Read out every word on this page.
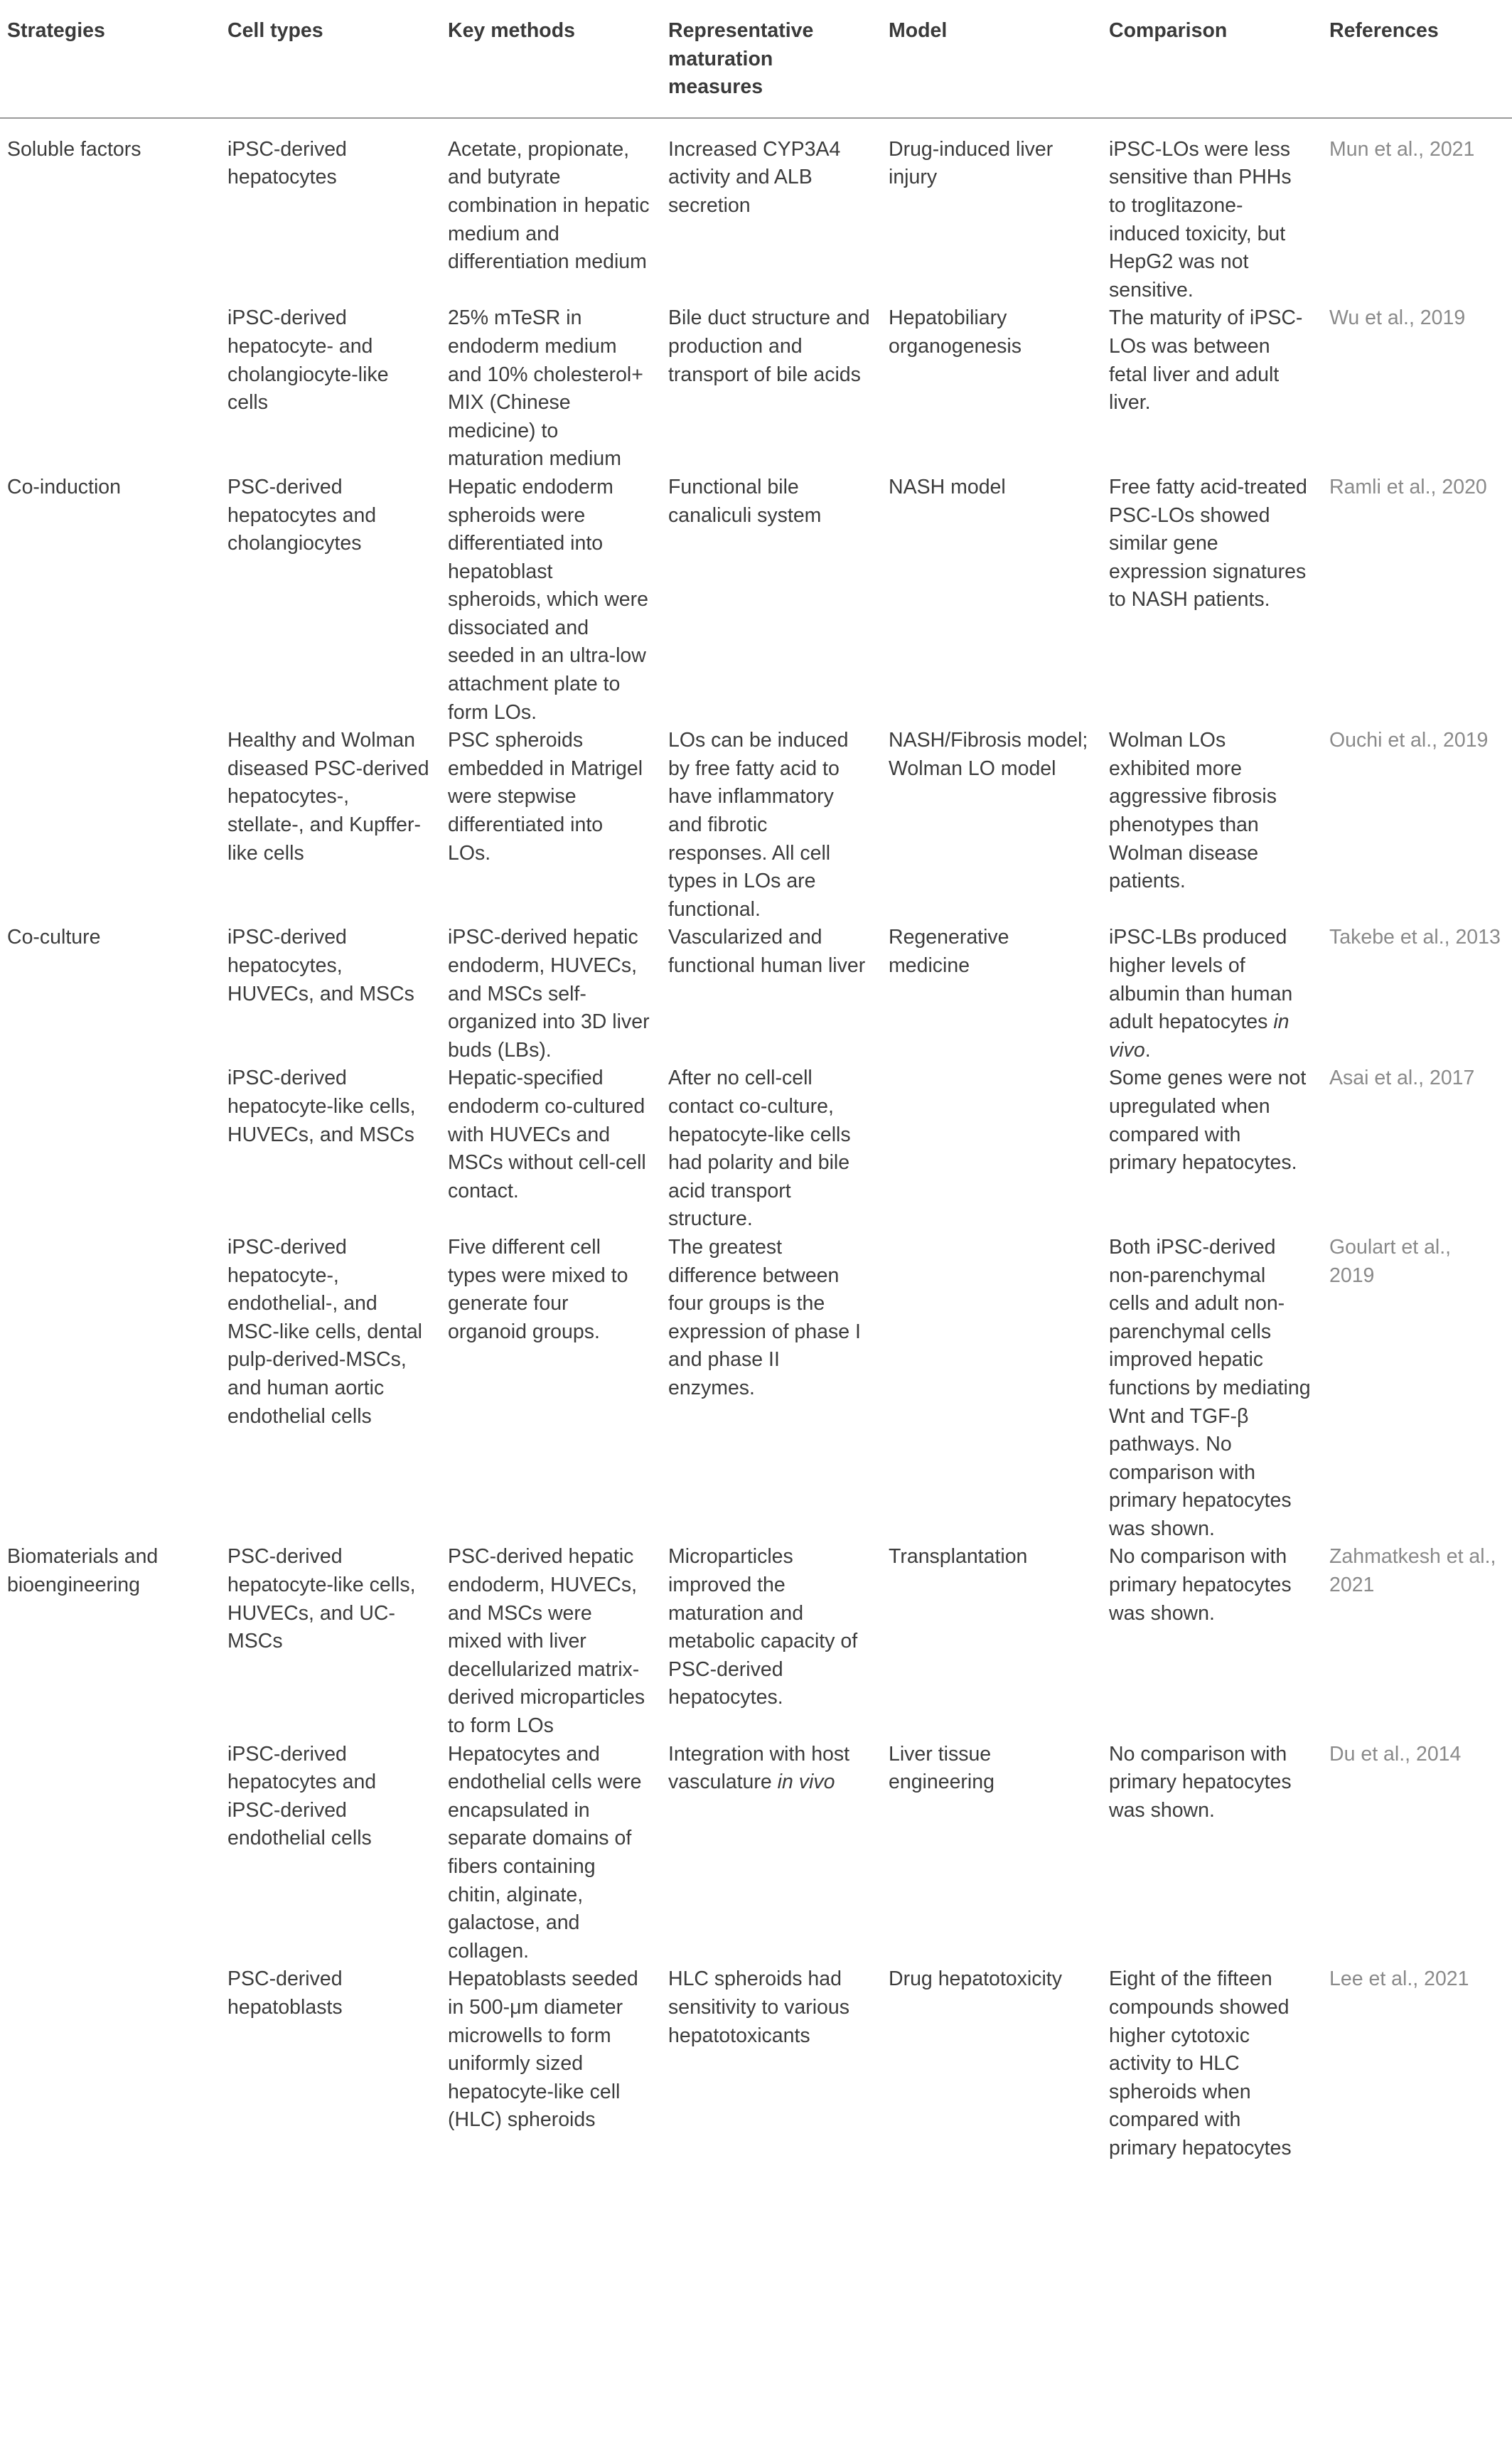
Strategies	Cell types	Key methods	Representative maturation measures	Model	Comparison	References

Soluble factors	iPSC-derived hepatocytes	Acetate, propionate, and butyrate combination in hepatic medium and differentiation medium	Increased CYP3A4 activity and ALB secretion	Drug-induced liver injury	iPSC-LOs were less sensitive than PHHs to troglitazone-induced toxicity, but HepG2 was not sensitive.	Mun et al., 2021
	iPSC-derived hepatocyte- and cholangiocyte-like cells	25% mTeSR in endoderm medium and 10% cholesterol+ MIX (Chinese medicine) to maturation medium	Bile duct structure and production and transport of bile acids	Hepatobiliary organogenesis	The maturity of iPSC-LOs was between fetal liver and adult liver.	Wu et al., 2019
Co-induction	PSC-derived hepatocytes and cholangiocytes	Hepatic endoderm spheroids were differentiated into hepatoblast spheroids, which were dissociated and seeded in an ultra-low attachment plate to form LOs.	Functional bile canaliculi system	NASH model	Free fatty acid-treated PSC-LOs showed similar gene expression signatures to NASH patients.	Ramli et al., 2020
	Healthy and Wolman diseased PSC-derived hepatocytes-, stellate-, and Kupffer-like cells	PSC spheroids embedded in Matrigel were stepwise differentiated into LOs.	LOs can be induced by free fatty acid to have inflammatory and fibrotic responses. All cell types in LOs are functional.	NASH/Fibrosis model; Wolman LO model	Wolman LOs exhibited more aggressive fibrosis phenotypes than Wolman disease patients.	Ouchi et al., 2019
Co-culture	iPSC-derived hepatocytes, HUVECs, and MSCs	iPSC-derived hepatic endoderm, HUVECs, and MSCs self-organized into 3D liver buds (LBs).	Vascularized and functional human liver	Regenerative medicine	iPSC-LBs produced higher levels of albumin than human adult hepatocytes in vivo.	Takebe et al., 2013
	iPSC-derived hepatocyte-like cells, HUVECs, and MSCs	Hepatic-specified endoderm co-cultured with HUVECs and MSCs without cell-cell contact.	After no cell-cell contact co-culture, hepatocyte-like cells had polarity and bile acid transport structure.		Some genes were not upregulated when compared with primary hepatocytes.	Asai et al., 2017
	iPSC-derived hepatocyte-, endothelial-, and MSC-like cells, dental pulp-derived-MSCs, and human aortic endothelial cells	Five different cell types were mixed to generate four organoid groups.	The greatest difference between four groups is the expression of phase I and phase II enzymes.		Both iPSC-derived non-parenchymal cells and adult non-parenchymal cells improved hepatic functions by mediating Wnt and TGF-β pathways. No comparison with primary hepatocytes was shown.	Goulart et al., 2019
Biomaterials and bioengineering	PSC-derived hepatocyte-like cells, HUVECs, and UC-MSCs	PSC-derived hepatic endoderm, HUVECs, and MSCs were mixed with liver decellularized matrix-derived microparticles to form LOs	Microparticles improved the maturation and metabolic capacity of PSC-derived hepatocytes.	Transplantation	No comparison with primary hepatocytes was shown.	Zahmatkesh et al., 2021
	iPSC-derived hepatocytes and iPSC-derived endothelial cells	Hepatocytes and endothelial cells were encapsulated in separate domains of fibers containing chitin, alginate, galactose, and collagen.	Integration with host vasculature in vivo	Liver tissue engineering	No comparison with primary hepatocytes was shown.	Du et al., 2014
	PSC-derived hepatoblasts	Hepatoblasts seeded in 500-μm diameter microwells to form uniformly sized hepatocyte-like cell (HLC) spheroids	HLC spheroids had sensitivity to various hepatotoxicants	Drug hepatotoxicity	Eight of the fifteen compounds showed higher cytotoxic activity to HLC spheroids when compared with primary hepatocytes	Lee et al., 2021
